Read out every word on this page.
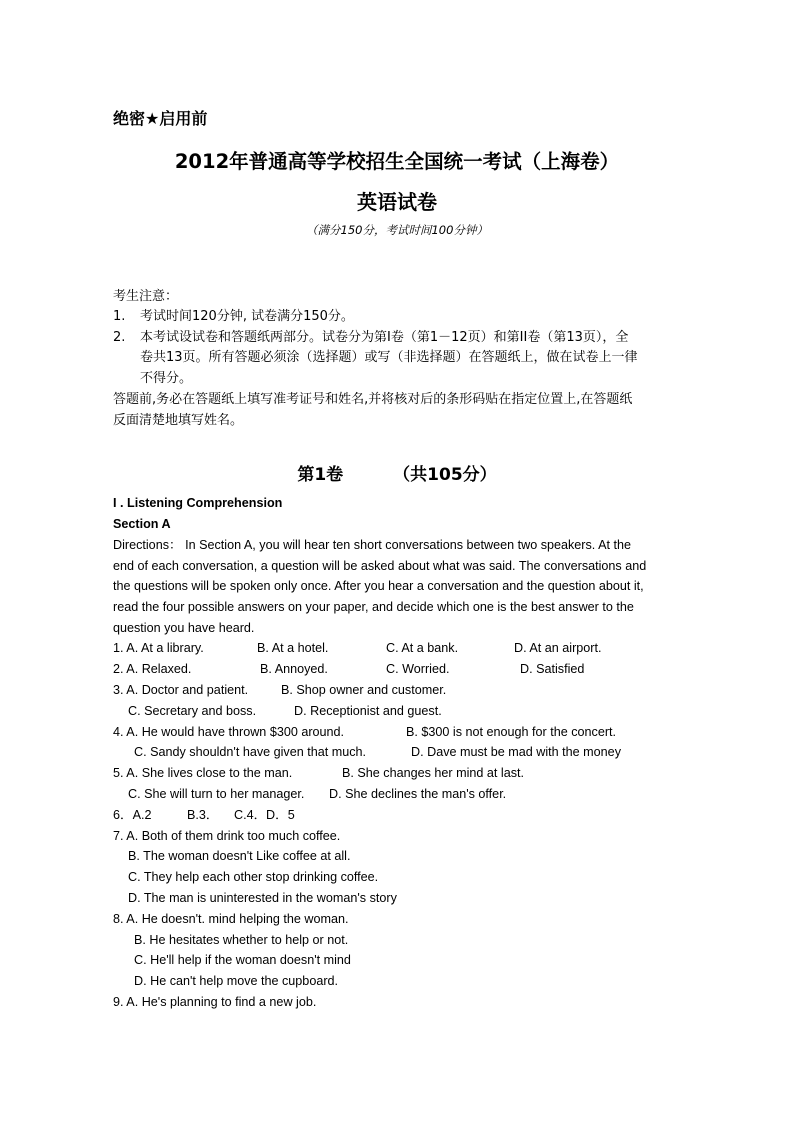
绝密★启用前
2012年普通高等学校招生全国统一考试（上海卷）
英语试卷
（满分150分，考试时间100分钟）
考生注意：
1. 考试时间120分钟, 试卷满分150分。
2. 本考试设试卷和答题纸两部分。试卷分为第I卷（第1－12页）和第II卷（第13页），全
卷共13页。所有答题必须涂（选择题）或写（非选择题）在答题纸上，做在试卷上一律
不得分。
答题前,务必在答题纸上填写准考证号和姓名,并将核对后的条形码贴在指定位置上,在答题纸
反面清楚地填写姓名。
第1卷	（共105分）
I . Listening Comprehension
Section A
Directions： In Section A, you will hear ten short conversations between two speakers. At the
end of each conversation, a question will be asked about what was said. The conversations and
the questions will be spoken only once. After you hear a conversation and the question about it,
read the four possible answers on your paper, and decide which one is the best answer to the
question you have heard.
1. A. At a library.	B. At a hotel.	C. At a bank.	D. At an airport.
2. A. Relaxed.	B. Annoyed.	C. Worried.	D. Satisfied
3. A. Doctor and patient.	B. Shop owner and customer.
C. Secretary and boss.	D. Receptionist and guest.
4. A. He would have thrown $300 around.	B. $300 is not enough for the concert.
C. Sandy shouldn't have given that much.	D. Dave must be mad with the money
5. A. She lives close to the man.	B. She changes her mind at last.
C. She will turn to her manager. D. She declines the man's offer.
6．A.2	B.3． C.4． D．5
7. A. Both of them drink too much coffee.
B. The woman doesn't Like coffee at all.
C. They help each other stop drinking coffee.
D. The man is uninterested in the woman's story
8. A. He doesn't. mind helping the woman.
B. He hesitates whether to help or not.
C. He'll help if the woman doesn't mind
D. He can't help move the cupboard.
9. A. He's planning to find a new job.
